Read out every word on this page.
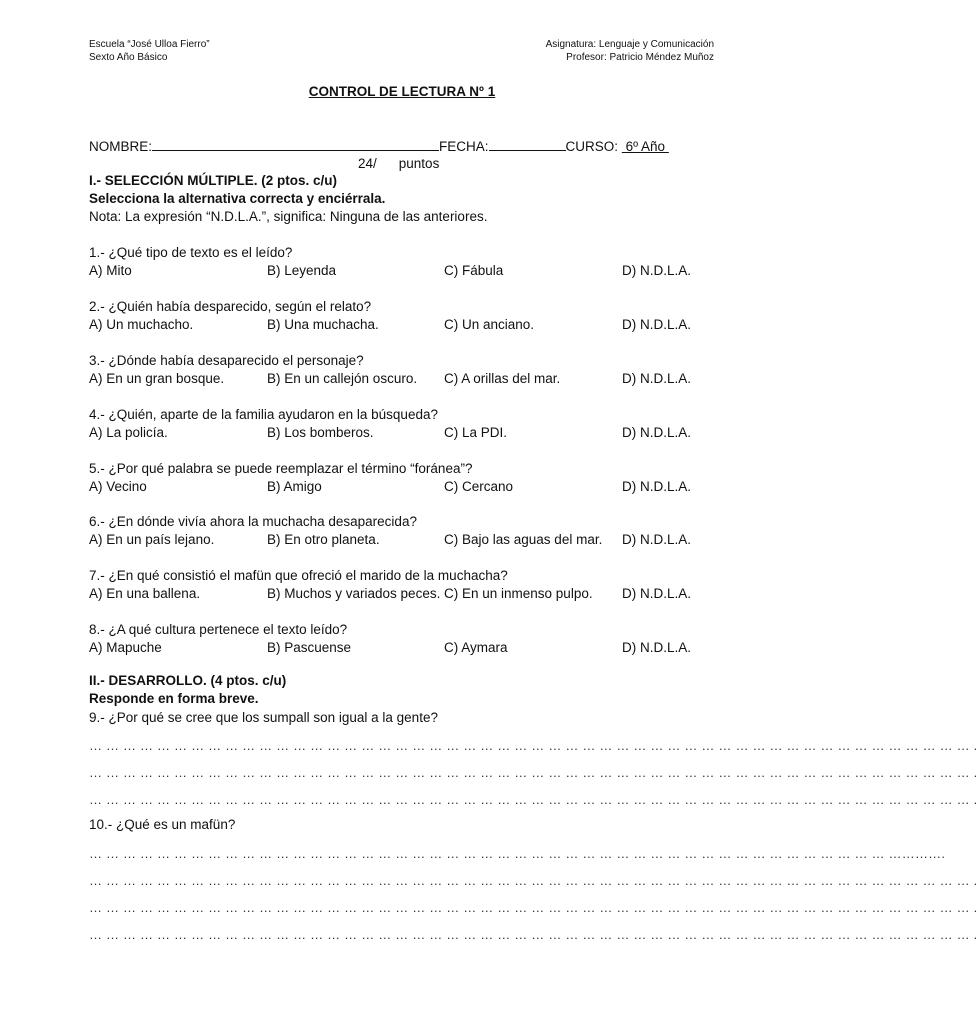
Escuela “José Ulloa Fierro”
Sexto Año Básico
Asignatura: Lenguaje y Comunicación
Profesor: Patricio Méndez Muñoz
CONTROL DE LECTURA Nº 1
NOMBRE:	FECHA:	CURSO: 6º Año
24/ puntos
I.- SELECCIÓN MÚLTIPLE. (2 ptos. c/u)
Selecciona la alternativa correcta y enciérrala.
Nota: La expresión “N.D.L.A.”, significa: Ninguna de las anteriores.
1.- ¿Qué tipo de texto es el leído?
A) Mito	B) Leyenda	C) Fábula	D) N.D.L.A.
2.- ¿Quién había desparecido, según el relato?
A) Un muchacho.	B) Una muchacha.	C) Un anciano.	D) N.D.L.A.
3.- ¿Dónde había desaparecido el personaje?
A) En un gran bosque.	B) En un callejón oscuro. C) A orillas del mar.	D) N.D.L.A.
4.- ¿Quién, aparte de la familia ayudaron en la búsqueda?
A) La policía.	B) Los bomberos.	C) La PDI.	D) N.D.L.A.
5.- ¿Por qué palabra se puede reemplazar el término “foránea”?
A) Vecino	B) Amigo	C) Cercano	D) N.D.L.A.
6.- ¿En dónde vivía ahora la muchacha desaparecida?
A) En un país lejano.	B) En otro planeta.	C) Bajo las aguas del mar. D) N.D.L.A.
7.- ¿En qué consistió el mafün que ofreció el marido de la muchacha?
A) En una ballena.	B) Muchos y variados peces. C) En un inmenso pulpo. D) N.D.L.A.
8.- ¿A qué cultura pertenece el texto leído?
A) Mapuche	B) Pascuense	C) Aymara	D) N.D.L.A.
II.- DESARROLLO. (4 ptos. c/u)
Responde en forma breve.
9.- ¿Por qué se cree que los sumpall son igual a la gente?
… … … … … … … … … … … … … … … … … … … … … … … … … … … … … … … … … … … … … … … … … … … … … … … … … … … … .
… … … … … … … … … … … … … … … … … … … … … … … … … … … … … … … … … … … … … … … … … … … … … … … … … … … … .
… … … … … … … … … … … … … … … … … … … … … … … … … … … … … … … … … … … … … … … … … … … … … … … … … … … … .
10.- ¿Qué es un mafün?
… … … … … … … … … … … … … … … … … … … … … … … … … … … … … … … … … … … … … … … … … … … … … … … ………….
… … … … … … … … … … … … … … … … … … … … … … … … … … … … … … … … … … … … … … … … … … … … … … … … … … … … .
… … … … … … … … … … … … … … … … … … … … … … … … … … … … … … … … … … … … … … … … … … … … … … … … … … … … .
… … … … … … … … … … … … … … … … … … … … … … … … … … … … … … … … … … … … … … … … … … … … … … … … … … … … .
